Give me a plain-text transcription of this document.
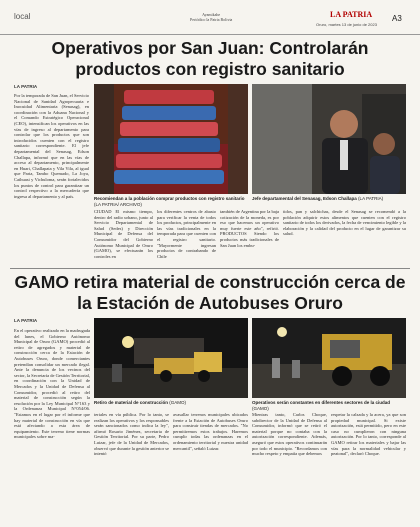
local	Ayamikahe
Periódico la Patria Bolivia
LA PATRIA
Oruro, martes 13 de junio de 2023
A3
Operativos por San Juan: Controlarán productos con registro sanitario
LA PATRIA
Por la temporada de San Juan, el Servicio Nacional de Sanidad Agropecuaria e Inocuidad Alimentaria (Senasag), en coordinación con la Aduana Nacional y el Comando Estratégico Operacional (CEO), intensifican los operativos en las vías de ingreso al departamento para controlar que los productos que son introducidos cuenten con el registro sanitario correspondiente. El jefe departamental del Senasag, Edson Challapa, informó que en las vías de acceso al departamento, principalmente en Huari, Challapata y Vila Vila, al igual que Paria, Tambo Quemado, La Joya, Caihuasi y Vichuloma, serán fortalecidos los puntos de control para garantizar un control respectivo a la mercadería que ingresa al departamento y al país.	Recomiendan a la población comprar productos con registro sanitario (LA PATRIA/ ARCHIVO)
Jefe departamental del Senasag, Edson Challapa (LA PATRIA)
CIUDAD El mismo tiempo, dentro del radio urbano, junto al Servicio Departamental de Salud (Sedes) y Dirección Municipal de Defensa del Consumidor del Gobierno Autónomo Municipal de Oruro (GAMO), se efectuarán los controles en
los diferentes centros de abasto para verificar la venta de todos los productos, principalmente en las vías tradicionales en la temporada para que cuenten con el registro sanitario. "Mayormente ingresan productos de contrabando de Chile
también de Argentina por la baja cotización de la moneda, es por eso que hacemos un operativo muy fuerte este año", refirió. PRODUCTOS Siendo los productos más tradicionales de San Juan los embu-
tidos, pan y salchichas, desde el Senasag se recomendó a la población adquirir estos alimentos que cuenten con el registro sanitario de todos los derivados, la fecha de vencimiento legible y la elaboración y la calidad del producto en el lugar de garantizar su salud.
GAMO retira material de construcción cerca de la Estación de Autobuses Oruro
LA PATRIA
En el operativo realizado en la madrugada del lunes, el Gobierno Autónomo Municipal de Oruro (GAMO) procedió al retiro de agregados y material de construcción cerca de la Estación de Autobuses Oruro, donde comerciantes pretendían consolidar un mercado ilegal. Ante la denuncia de los vecinos del sector, la Secretaría de Gestión Territorial, en coordinación con la Unidad de Mercados y la Unidad de Defensa al Consumidor, procedió al retiro del material de construcción según la resolución por la Ley Municipal N°163 y la Ordenanza Municipal N°054/06. "Estamos en el lugar por el informe que hay material de construcción en vía que está afectando a esta área de equipamiento. Este terreno tiene normas municipales sobre ma-
Retiro de material de construcción (GAMO)	Operativos serán constantes en diferentes sectores de la ciudad (GAMO)
teriales en vía pública. Por lo tanto, se realizan los operativos y los responsables serán sancionados como indica la ley", afirmó Rosario Jiménez, secretaria de Gestión Territorial. Por su parte, Pedro Luizar, jefe de la Unidad de Mercados, observó que durante la gestión anterior se intentó
avasallar terrenos municipales ubicados frente a la Estación de Autobuses Oruro para construir tiendas de mercados. "No permitiremos estos trabajos. Haremos cumplir todas las ordenanzas en el ordenamiento territorial y nuestra unidad mercantil", señaló Luizar.
Mientras tanto, Carlos Choque, subdirector de la Unidad de Defensa al Consumidor, informó que se retiró el material porque no contaba con la autorización correspondiente. Además, aseguró que estos operativos continuarán por todo el municipio. "Recordamos con mucho respeto y empatía que debemos
respetar la calzada y la acera, ya que son propiedad municipal. Si existe autorización, está permitido, pero en este caso no cumplieron con ninguna autorización. Por lo tanto, corresponde al GAMO retirar los materiales y bajar las vías para la normalidad vehicular y peatonal", declaró Choque.
